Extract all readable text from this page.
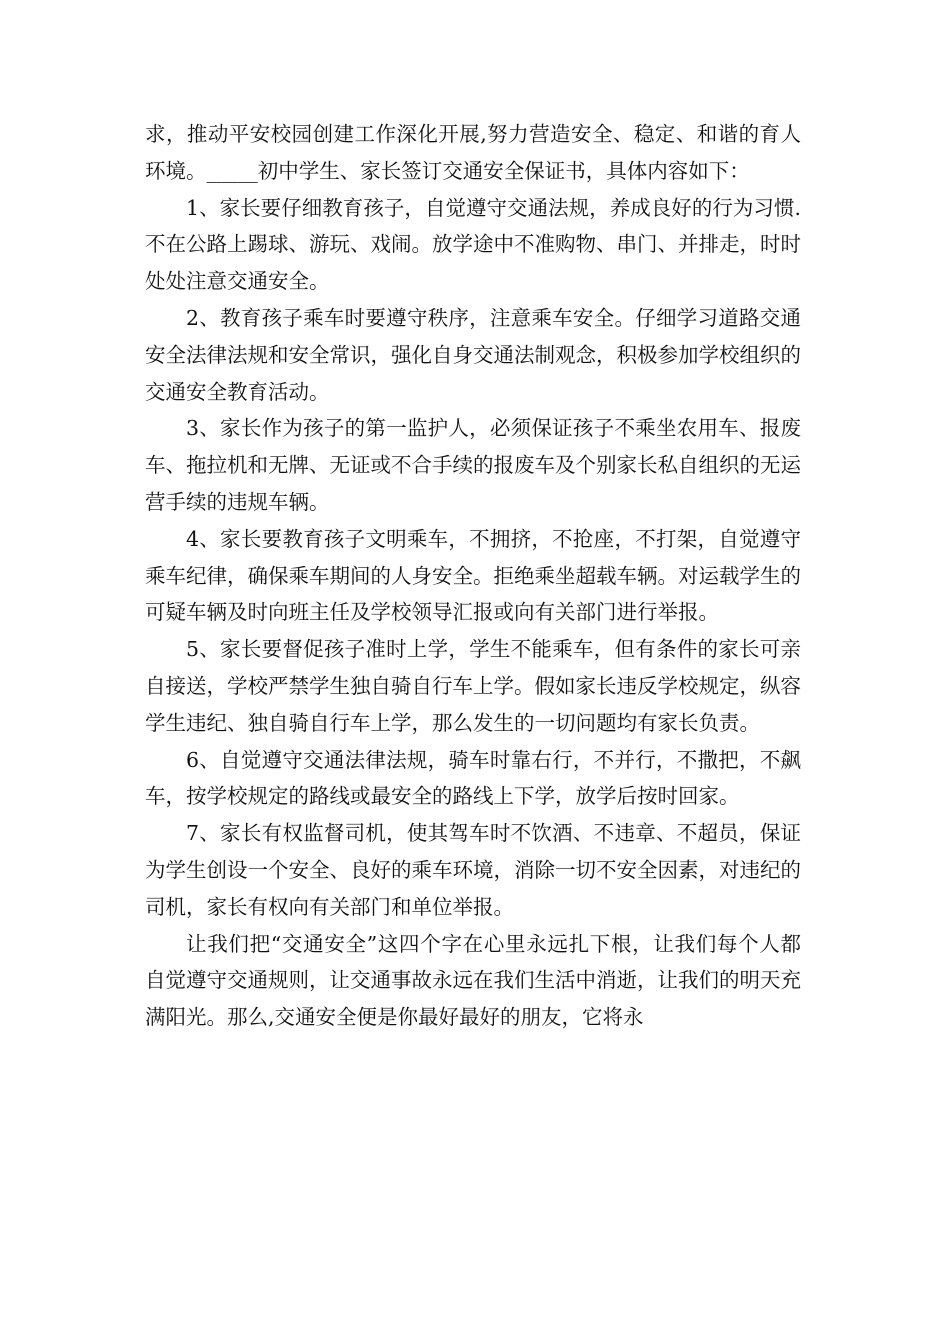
求，推动平安校园创建工作深化开展,努力营造安全、稳定、和谐的育人环境。_____初中学生、家长签订交通安全保证书，具体内容如下：

1、家长要仔细教育孩子，自觉遵守交通法规，养成良好的行为习惯.不在公路上踢球、游玩、戏闹。放学途中不准购物、串门、并排走，时时处处注意交通安全。

2、教育孩子乘车时要遵守秩序，注意乘车安全。仔细学习道路交通安全法律法规和安全常识，强化自身交通法制观念，积极参加学校组织的交通安全教育活动。

3、家长作为孩子的第一监护人，必须保证孩子不乘坐农用车、报废车、拖拉机和无牌、无证或不合手续的报废车及个别家长私自组织的无运营手续的违规车辆。

4、家长要教育孩子文明乘车，不拥挤，不抢座，不打架，自觉遵守乘车纪律，确保乘车期间的人身安全。拒绝乘坐超载车辆。对运载学生的可疑车辆及时向班主任及学校领导汇报或向有关部门进行举报。

5、家长要督促孩子准时上学，学生不能乘车，但有条件的家长可亲自接送，学校严禁学生独自骑自行车上学。假如家长违反学校规定，纵容学生违纪、独自骑自行车上学，那么发生的一切问题均有家长负责。

6、自觉遵守交通法律法规，骑车时靠右行，不并行，不撒把，不飙车，按学校规定的路线或最安全的路线上下学，放学后按时回家。

7、家长有权监督司机，使其驾车时不饮酒、不违章、不超员，保证为学生创设一个安全、良好的乘车环境，消除一切不安全因素，对违纪的司机，家长有权向有关部门和单位举报。

让我们把“交通安全”这四个字在心里永远扎下根，让我们每个人都自觉遵守交通规则，让交通事故永远在我们生活中消逝，让我们的明天充满阳光。那么,交通安全便是你最好最好的朋友，它将永
